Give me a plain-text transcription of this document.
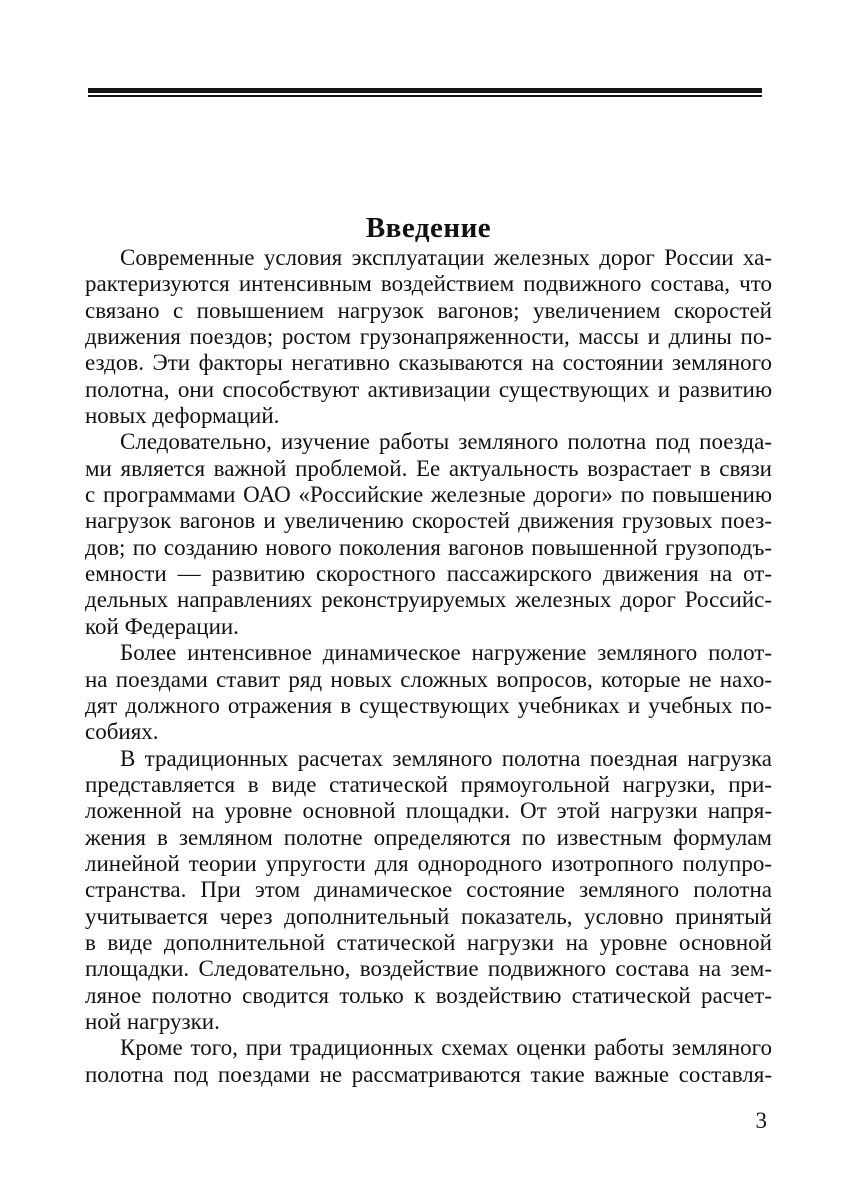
Введение
Современные условия эксплуатации железных дорог России ха-
рактеризуются интенсивным воздействием подвижного состава, что
связано с повышением нагрузок вагонов; увеличением скоростей
движения поездов; ростом грузонапряженности, массы и длины по-
ездов. Эти факторы негативно сказываются на состоянии земляного
полотна, они способствуют активизации существующих и развитию
новых деформаций.
Следовательно, изучение работы земляного полотна под поезда-
ми является важной проблемой. Ее актуальность возрастает в связи
с программами ОАО «Российские железные дороги» по повышению
нагрузок вагонов и увеличению скоростей движения грузовых поез-
дов; по созданию нового поколения вагонов повышенной грузоподъ-
емности — развитию скоростного пассажирского движения на от-
дельных направлениях реконструируемых железных дорог Российс-
кой Федерации.
Более интенсивное динамическое нагружение земляного полот-
на поездами ставит ряд новых сложных вопросов, которые не нахо-
дят должного отражения в существующих учебниках и учебных по-
собиях.
В традиционных расчетах земляного полотна поездная нагрузка
представляется в виде статической прямоугольной нагрузки, при-
ложенной на уровне основной площадки. От этой нагрузки напря-
жения в земляном полотне определяются по известным формулам
линейной теории упругости для однородного изотропного полупро-
странства. При этом динамическое состояние земляного полотна
учитывается через дополнительный показатель, условно принятый
в виде дополнительной статической нагрузки на уровне основной
площадки. Следовательно, воздействие подвижного состава на зем-
ляное полотно сводится только к воздействию статической расчет-
ной нагрузки.
Кроме того, при традиционных схемах оценки работы земляного
полотна под поездами не рассматриваются такие важные составля-
3
